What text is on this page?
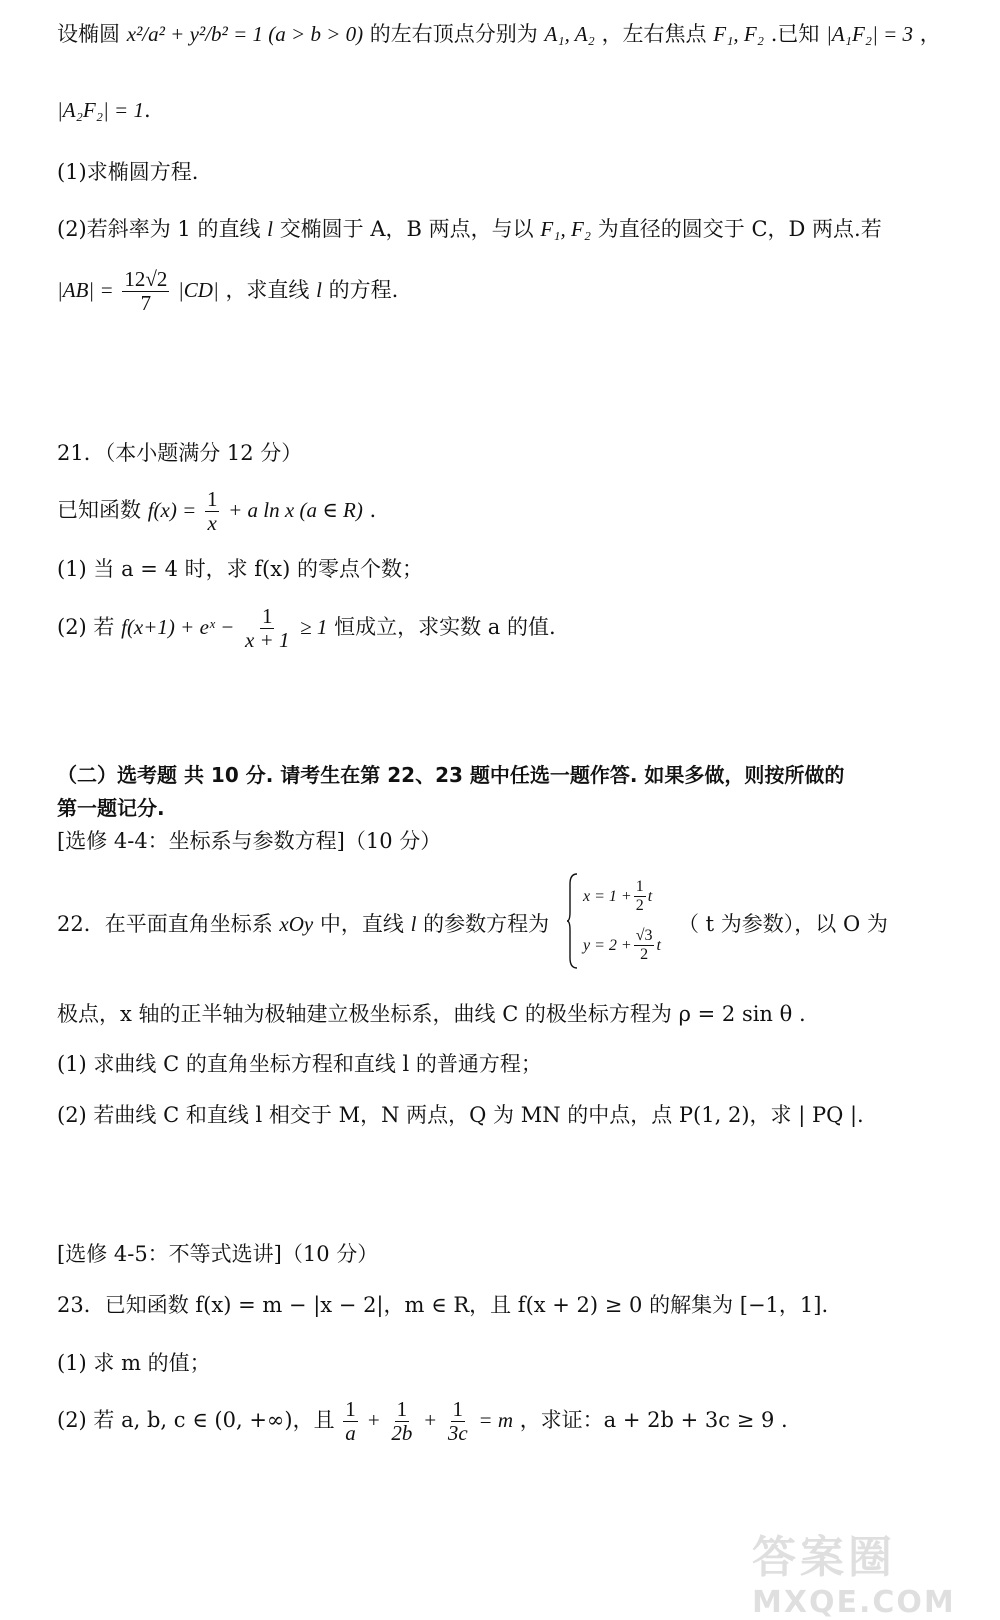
设椭圆 x²/a² + y²/b² = 1 (a > b > 0) 的左右顶点分别为 A₁, A₂ ，左右焦点 F₁, F₂ .已知 |A₁F₂| = 3 ，
|A₂F₂| = 1.
(1)求椭圆方程.
(2)若斜率为 1 的直线 l 交椭圆于 A，B 两点，与以 F₁, F₂ 为直径的圆交于 C，D 两点.若
$|AB| = \frac{12√2}{7} |CD|$ ，求直线 l 的方程.
21．（本小题满分 12 分）
已知函数 $f(x) = \frac{1}{x} + a$ ln x (a ∈ R) .
(1) 当 a = 4 时，求 f(x) 的零点个数；
(2) 若 f(x+1) + eˣ − $\frac{1}{x + 1} \ge 1$ 恒成立，求实数 a 的值.
（二）选考题 共 10 分. 请考生在第 22、23 题中任选一题作答. 如果多做，则按所做的
第一题记分.
[选修 4-4：坐标系与参数方程]（10 分）
22．在平面直角坐标系 xOy 中，直线 l 的参数方程为
$x = 1 + \frac{1}{2}$ t
$y = 2 + \frac{√3}{2}$ t
（ t 为参数），以 O 为
极点，x 轴的正半轴为极轴建立极坐标系，曲线 C 的极坐标方程为 ρ = 2 sin θ .
(1) 求曲线 C 的直角坐标方程和直线 l 的普通方程；
(2) 若曲线 C 和直线 l 相交于 M，N 两点，Q 为 MN 的中点，点 P(1, 2)，求 | PQ |.
[选修 4-5：不等式选讲]（10 分）
23．已知函数 f(x) = m − |x − 2|，m ∈ R，且 f(x + 2) ≥ 0 的解集为 [−1，1].
(1) 求 m 的值；
(2) 若 a, b, c ∈ (0, +∞)，且 $\frac{1}{a} + \frac{1}{2b} + \frac{1}{3c} = m$ ，求证：a + 2b + 3c ≥ 9 .
答案圈
MXQE.COM
